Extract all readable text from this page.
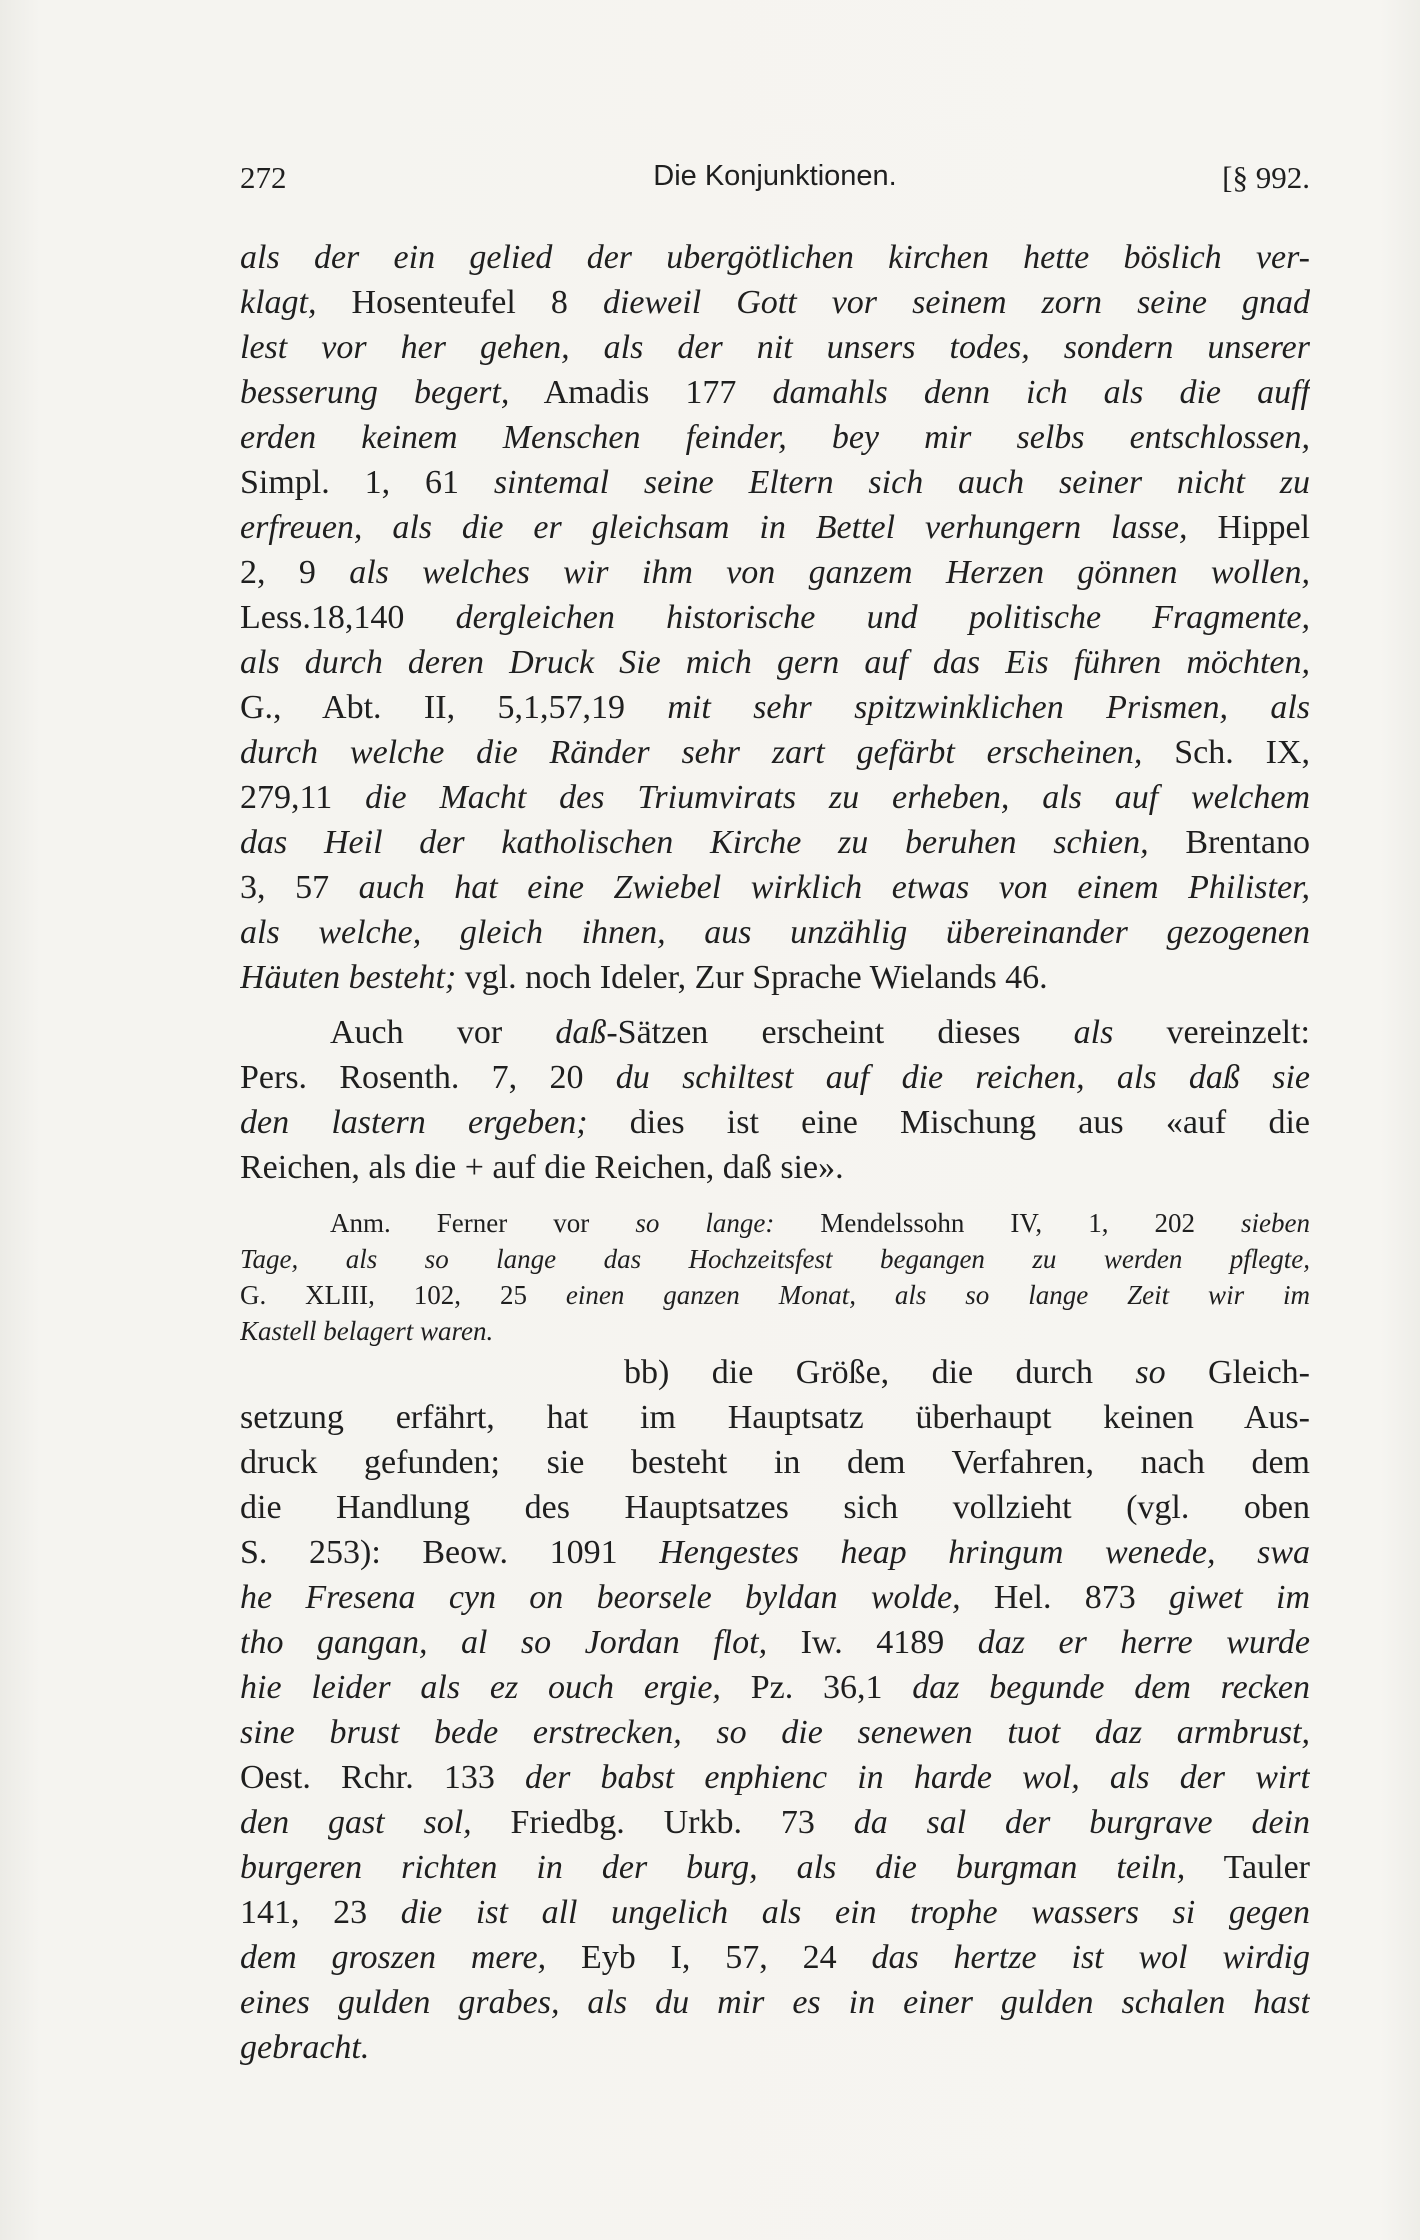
272	Die Konjunktionen.	[§ 992.
als der ein gelied der ubergötlichen kirchen hette böslich ver-
klagt, Hosenteufel 8 dieweil Gott vor seinem zorn seine gnad
lest vor her gehen, als der nit unsers todes, sondern unserer
besserung begert, Amadis 177 damahls denn ich als die auff
erden keinem Menschen feinder, bey mir selbs entschlossen,
Simpl. 1, 61 sintemal seine Eltern sich auch seiner nicht zu
erfreuen, als die er gleichsam in Bettel verhungern lasse, Hippel
2, 9 als welches wir ihm von ganzem Herzen gönnen wollen,
Less.18,140 dergleichen historische und politische Fragmente,
als durch deren Druck Sie mich gern auf das Eis führen möchten,
G., Abt. II, 5,1,57,19 mit sehr spitzwinklichen Prismen, als
durch welche die Ränder sehr zart gefärbt erscheinen, Sch. IX,
279,11 die Macht des Triumvirats zu erheben, als auf welchem
das Heil der katholischen Kirche zu beruhen schien, Brentano
3, 57 auch hat eine Zwiebel wirklich etwas von einem Philister,
als welche, gleich ihnen, aus unzählig übereinander gezogenen
Häuten besteht; vgl. noch Ideler, Zur Sprache Wielands 46.
Auch vor daß-Sätzen erscheint dieses als vereinzelt:
Pers. Rosenth. 7, 20 du schiltest auf die reichen, als daß sie
den lastern ergeben; dies ist eine Mischung aus «auf die
Reichen, als die + auf die Reichen, daß sie».
Anm. Ferner vor so lange: Mendelssohn IV, 1, 202 sieben
Tage, als so lange das Hochzeitsfest begangen zu werden pflegte,
G. XLIII, 102, 25 einen ganzen Monat, als so lange Zeit wir im
Kastell belagert waren.
bb) die Größe, die durch so Gleich-
setzung erfährt, hat im Hauptsatz überhaupt keinen Aus-
druck gefunden; sie besteht in dem Verfahren, nach dem
die Handlung des Hauptsatzes sich vollzieht (vgl. oben
S. 253): Beow. 1091 Hengestes heap hringum wenede, swa
he Fresena cyn on beorsele byldan wolde, Hel. 873 giwet im
tho gangan, al so Jordan flot, Iw. 4189 daz er herre wurde
hie leider als ez ouch ergie, Pz. 36,1 daz begunde dem recken
sine brust bede erstrecken, so die senewen tuot daz armbrust,
Oest. Rchr. 133 der babst enphienc in harde wol, als der wirt
den gast sol, Friedbg. Urkb. 73 da sal der burgrave dein
burgeren richten in der burg, als die burgman teiln, Tauler
141, 23 die ist all ungelich als ein trophe wassers si gegen
dem groszen mere, Eyb I, 57, 24 das hertze ist wol wirdig
eines gulden grabes, als du mir es in einer gulden schalen hast
gebracht.
